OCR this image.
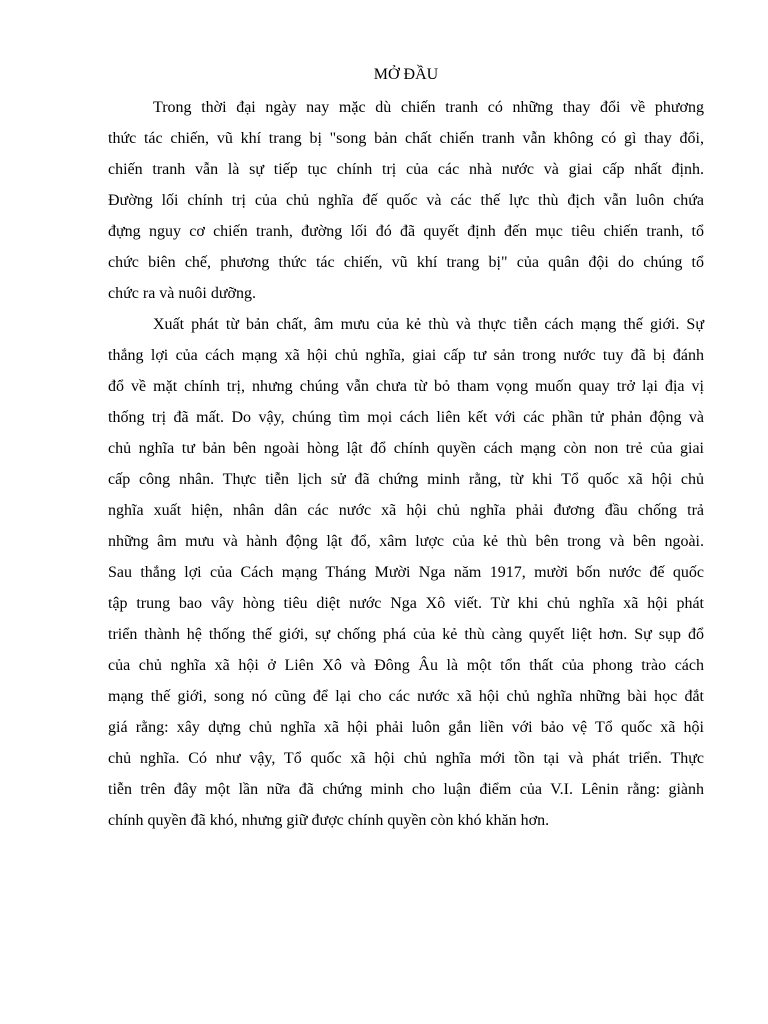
MỞ ĐẦU
Trong thời đại ngày nay mặc dù chiến tranh có những thay đổi về phương
thức tác chiến, vũ khí trang bị "song bản chất chiến tranh vẫn không có gì thay đổi,
chiến tranh vẫn là sự tiếp tục chính trị của các nhà nước và giai cấp nhất định.
Đường lối chính trị của chủ nghĩa đế quốc và các thế lực thù địch vẫn luôn chứa
đựng nguy cơ chiến tranh, đường lối đó đã quyết định đến mục tiêu chiến tranh, tổ
chức biên chế, phương thức tác chiến, vũ khí trang bị" của quân đội do chúng tổ
chức ra và nuôi dưỡng.
Xuất phát từ bản chất, âm mưu của kẻ thù và thực tiễn cách mạng thế giới. Sự
thắng lợi của cách mạng xã hội chủ nghĩa, giai cấp tư sản trong nước tuy đã bị đánh
đổ về mặt chính trị, nhưng chúng vẫn chưa từ bỏ tham vọng muốn quay trở lại địa vị
thống trị đã mất. Do vậy, chúng tìm mọi cách liên kết với các phần tử phản động và
chủ nghĩa tư bản bên ngoài hòng lật đổ chính quyền cách mạng còn non trẻ của giai
cấp công nhân. Thực tiễn lịch sử đã chứng minh rằng, từ khi Tổ quốc xã hội chủ
nghĩa xuất hiện, nhân dân các nước xã hội chủ nghĩa phải đương đầu chống trả
những âm mưu và hành động lật đổ, xâm lược của kẻ thù bên trong và bên ngoài.
Sau thắng lợi của Cách mạng Tháng Mười Nga năm 1917, mười bốn nước đế quốc
tập trung bao vây hòng tiêu diệt nước Nga Xô viết. Từ khi chủ nghĩa xã hội phát
triển thành hệ thống thế giới, sự chống phá của kẻ thù càng quyết liệt hơn. Sự sụp đổ
của chủ nghĩa xã hội ở Liên Xô và Đông Âu là một tổn thất của phong trào cách
mạng thế giới, song nó cũng để lại cho các nước xã hội chủ nghĩa những bài học đắt
giá rằng: xây dựng chủ nghĩa xã hội phải luôn gắn liền với bảo vệ Tổ quốc xã hội
chủ nghĩa. Có như vậy, Tổ quốc xã hội chủ nghĩa mới tồn tại và phát triển. Thực
tiễn trên đây một lần nữa đã chứng minh cho luận điểm của V.I. Lênin rằng: giành
chính quyền đã khó, nhưng giữ được chính quyền còn khó khăn hơn.
